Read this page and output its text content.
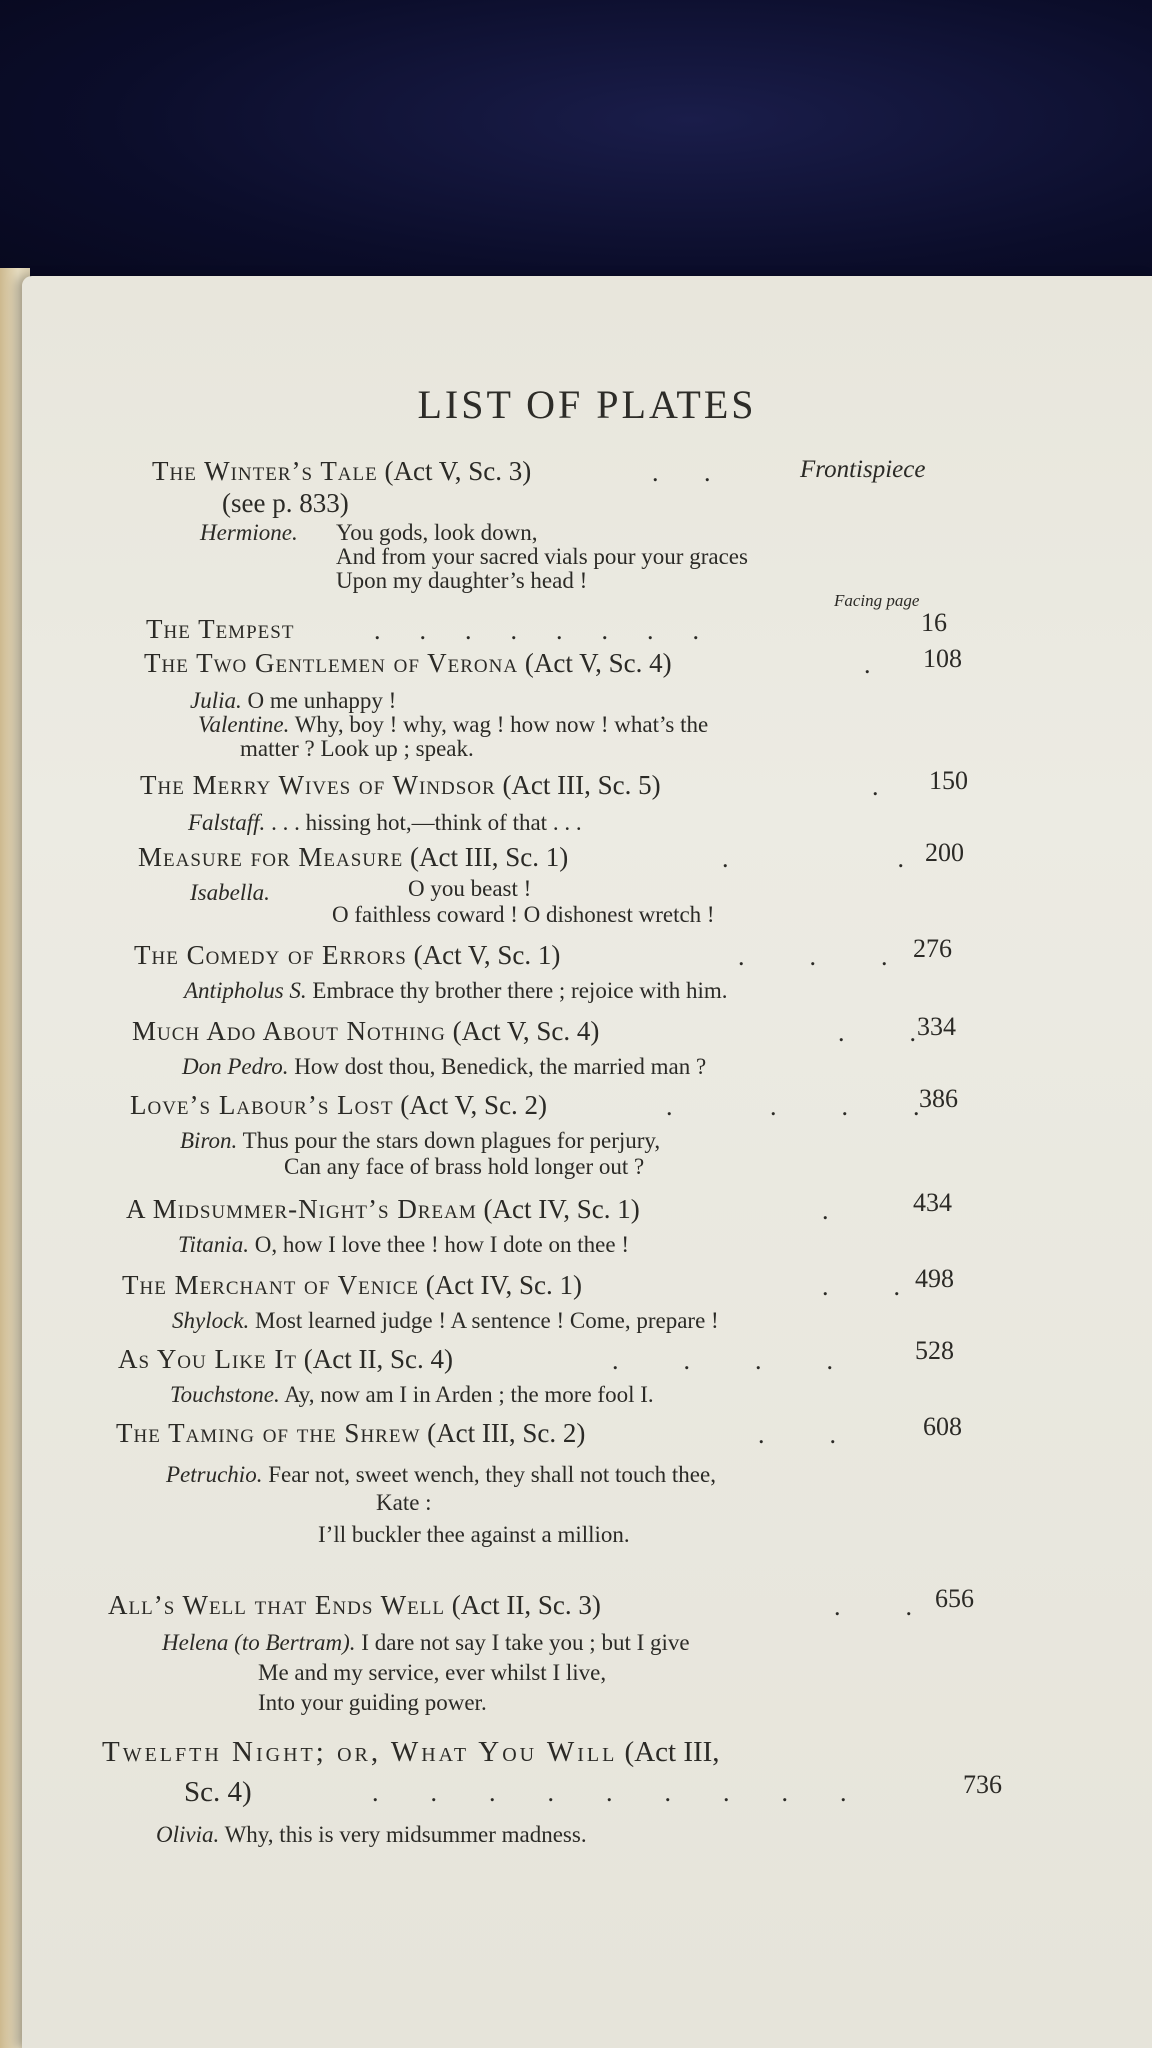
LIST OF PLATES
The Winter’s Tale (Act V, Sc. 3)	.       .	Frontispiece
(see p. 833)
Hermione. You gods, look down,
And from your sacred vials pour your graces
Upon my daughter’s head !
Facing page
The Tempest	.      .      .      .      .      .      .      .	16
The Two Gentlemen of Verona (Act V, Sc. 4)	.	108
Julia. O me unhappy !
Valentine. Why, boy ! why, wag ! how now ! what’s the
matter ? Look up ; speak.
The Merry Wives of Windsor (Act III, Sc. 5)	.	150
Falstaff. . . . hissing hot,—think of that . . .
Measure for Measure (Act III, Sc. 1)	.                          . 200
Isabella.	O you beast !
O faithless coward ! O dishonest wretch !
The Comedy of Errors (Act V, Sc. 1)	.          .          . 276
Antipholus S. Embrace thy brother there ; rejoice with him.
Much Ado About Nothing (Act V, Sc. 4)	.          . 334
Don Pedro. How dost thou, Benedick, the married man ?
Love’s Labour’s Lost (Act V, Sc. 2)	.               .          .          . 386
Biron. Thus pour the stars down plagues for perjury,
Can any face of brass hold longer out ?
A Midsummer-Night’s Dream (Act IV, Sc. 1)	.	434
Titania. O, how I love thee ! how I dote on thee !
The Merchant of Venice (Act IV, Sc. 1)	.          . 498
Shylock. Most learned judge ! A sentence ! Come, prepare !
As You Like It (Act II, Sc. 4)	.          .          .          .	528
Touchstone. Ay, now am I in Arden ; the more fool I.
The Taming of the Shrew (Act III, Sc. 2)	.          .	608
Petruchio. Fear not, sweet wench, they shall not touch thee,
Kate :
I’ll buckler thee against a million.
All’s Well that Ends Well (Act II, Sc. 3)	.          . 656
Helena (to Bertram). I dare not say I take you ; but I give
Me and my service, ever whilst I live,
Into your guiding power.
Twelfth Night; or, What You Will (Act III,
Sc. 4)	.        .        .        .        .        .        .        .        .	736
Olivia. Why, this is very midsummer madness.
